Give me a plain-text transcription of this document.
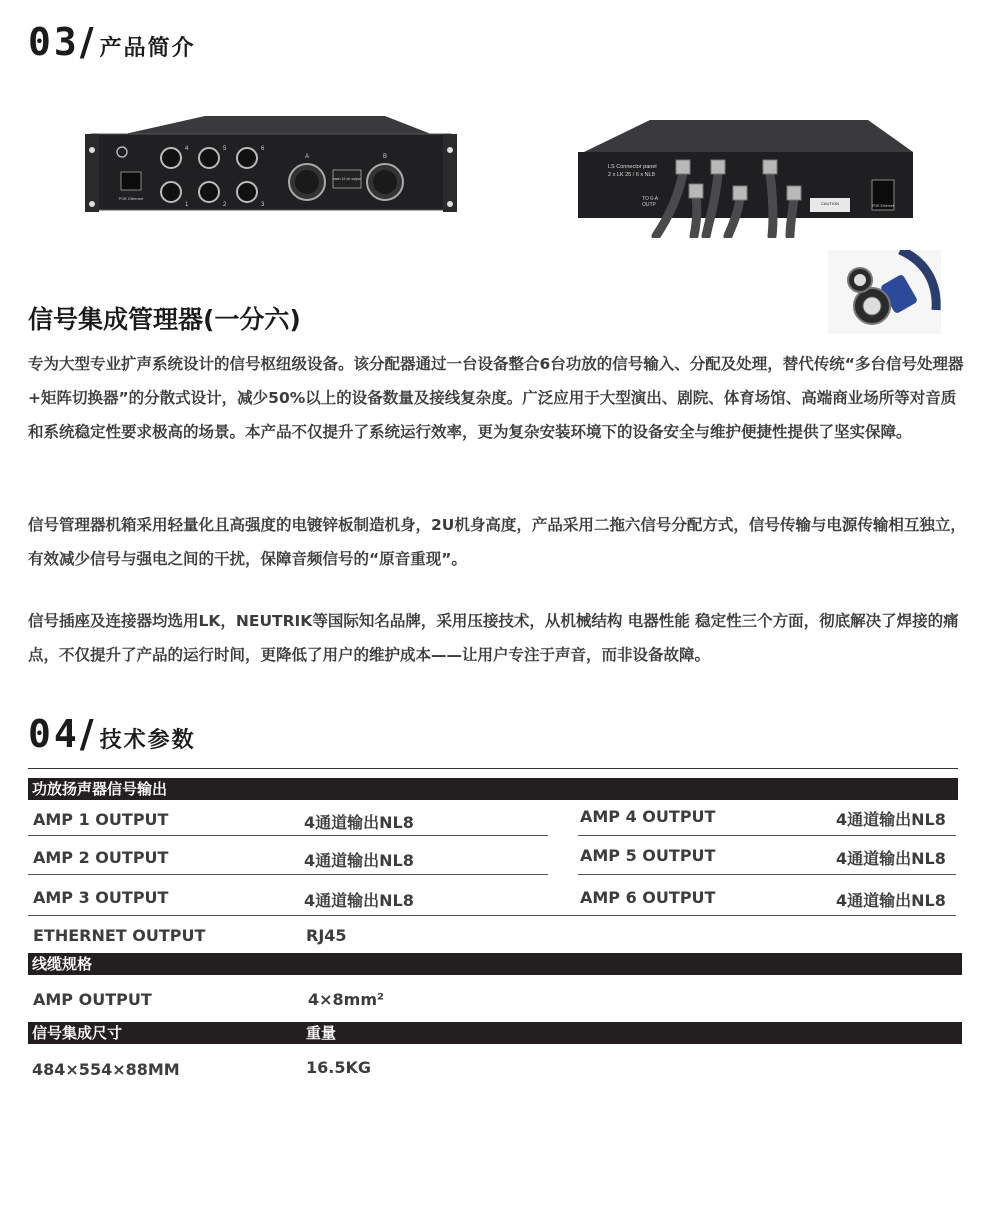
03 / 产品简介
POE Ethernet
4	5	6
1	2	3
A	B
each 12 ch output
LS Connector panel
2 x LK 25 / 6 x NL8
TO 6-A
OUTP	CAUTION	POE Ethernet
信号集成管理器(一分六)

专为大型专业扩声系统设计的信号枢纽级设备。该分配器通过一台设备整合6台功放的信号输入、分配及处理，替代传统“多台信号处理器+矩阵切换器”的分散式设计，减少50%以上的设备数量及接线复杂度。广泛应用于大型演出、剧院、体育场馆、高端商业场所等对音质和系统稳定性要求极高的场景。本产品不仅提升了系统运行效率，更为复杂安装环境下的设备安全与维护便捷性提供了坚实保障。

信号管理器机箱采用轻量化且高强度的电镀锌板制造机身，2U机身高度，产品采用二拖六信号分配方式，信号传输与电源传输相互独立，有效减少信号与强电之间的干扰，保障音频信号的“原音重现”。

信号插座及连接器均选用LK，NEUTRIK等国际知名品牌，采用压接技术，从机械结构 电器性能 稳定性三个方面，彻底解决了焊接的痛点，不仅提升了产品的运行时间，更降低了用户的维护成本——让用户专注于声音，而非设备故障。

04 / 技术参数
功放扬声器信号输出
AMP 1 OUTPUT	4通道输出NL8	AMP 4 OUTPUT	4通道输出NL8
AMP 2 OUTPUT	4通道输出NL8	AMP 5 OUTPUT	4通道输出NL8
AMP 3 OUTPUT	4通道输出NL8	AMP 6 OUTPUT	4通道输出NL8
ETHERNET OUTPUT	RJ45
线缆规格
AMP OUTPUT	4×8mm²
信号集成尺寸	重量
484×554×88MM	16.5KG
